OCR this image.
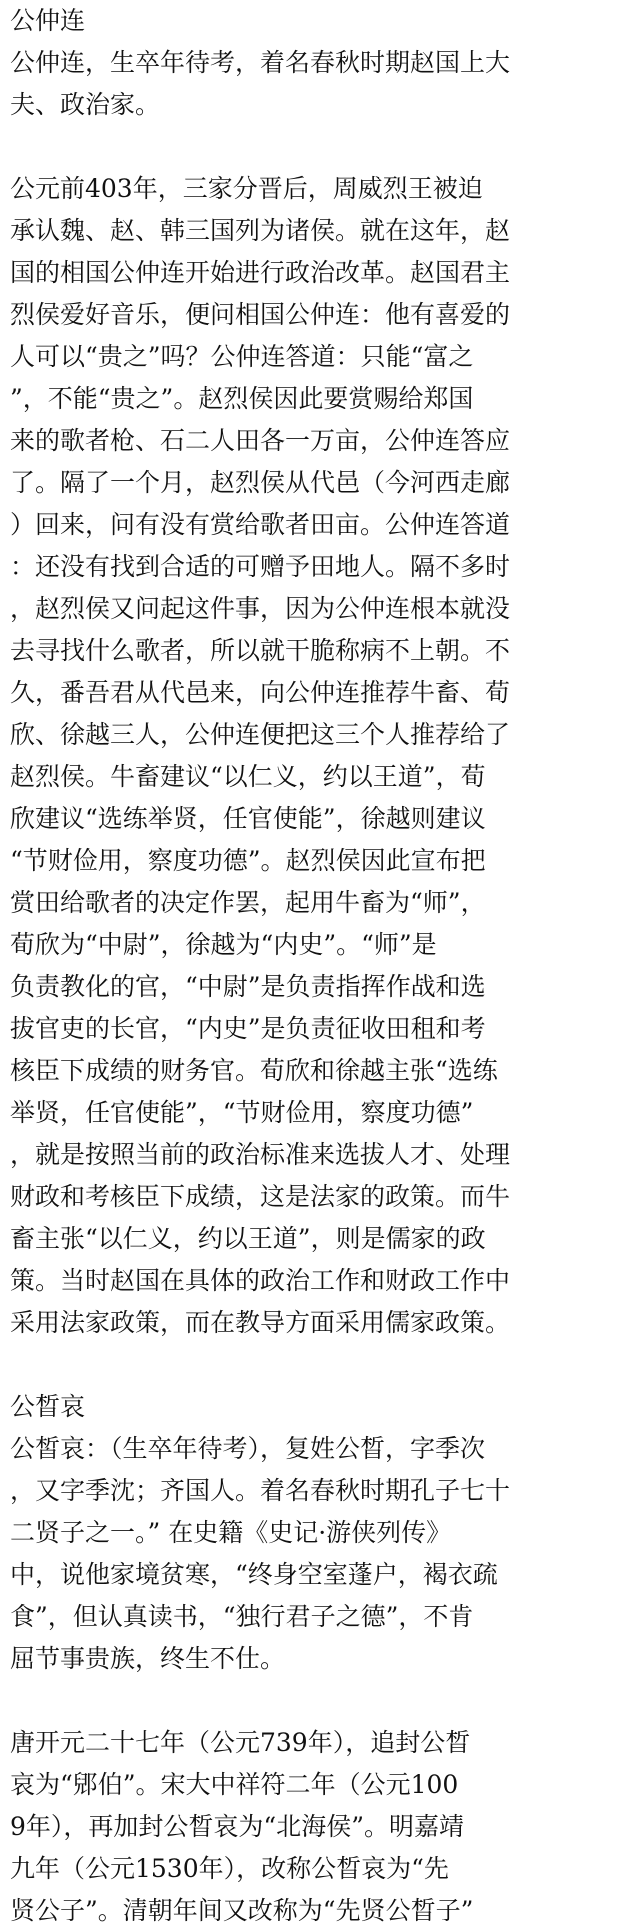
公仲连
公仲连，生卒年待考，着名春秋时期赵国上大
夫、政治家。
公元前403年，三家分晋后，周威烈王被迫
承认魏、赵、韩三国列为诸侯。就在这年，赵
国的相国公仲连开始进行政治改革。赵国君主
烈侯爱好音乐，便问相国公仲连：他有喜爱的
人可以“贵之”吗？公仲连答道：只能“富之
”，不能“贵之”。赵烈侯因此要赏赐给郑国
来的歌者枪、石二人田各一万亩，公仲连答应
了。隔了一个月，赵烈侯从代邑（今河西走廊
）回来，问有没有赏给歌者田亩。公仲连答道
：还没有找到合适的可赠予田地人。隔不多时
，赵烈侯又问起这件事，因为公仲连根本就没
去寻找什么歌者，所以就干脆称病不上朝。不
久，番吾君从代邑来，向公仲连推荐牛畜、荀
欣、徐越三人，公仲连便把这三个人推荐给了
赵烈侯。牛畜建议“以仁义，约以王道”，荀
欣建议“选练举贤，任官使能”，徐越则建议
“节财俭用，察度功德”。赵烈侯因此宣布把
赏田给歌者的决定作罢，起用牛畜为“师”，
荀欣为“中尉”，徐越为“内史”。“师”是
负责教化的官，“中尉”是负责指挥作战和选
拔官吏的长官，“内史”是负责征收田租和考
核臣下成绩的财务官。荀欣和徐越主张“选练
举贤，任官使能”，“节财俭用，察度功德”
，就是按照当前的政治标准来选拔人才、处理
财政和考核臣下成绩，这是法家的政策。而牛
畜主张“以仁义，约以王道”，则是儒家的政
策。当时赵国在具体的政治工作和财政工作中
采用法家政策，而在教导方面采用儒家政策。
公晳哀
公皙哀：（生卒年待考），复姓公晳，字季次
，又字季沈；齐国人。着名春秋时期孔子七十
二贤子之一。” 在史籍《史记·游侠列传》
中，说他家境贫寒，“终身空室蓬户，褐衣疏
食”，但认真读书，“独行君子之德”，不肯
屈节事贵族，终生不仕。
唐开元二十七年（公元739年），追封公晳
哀为“郳伯”。宋大中祥符二年（公元100
9年），再加封公晳哀为“北海侯”。明嘉靖
九年（公元1530年），改称公晳哀为“先
贤公子”。清朝年间又改称为“先贤公晳子”
